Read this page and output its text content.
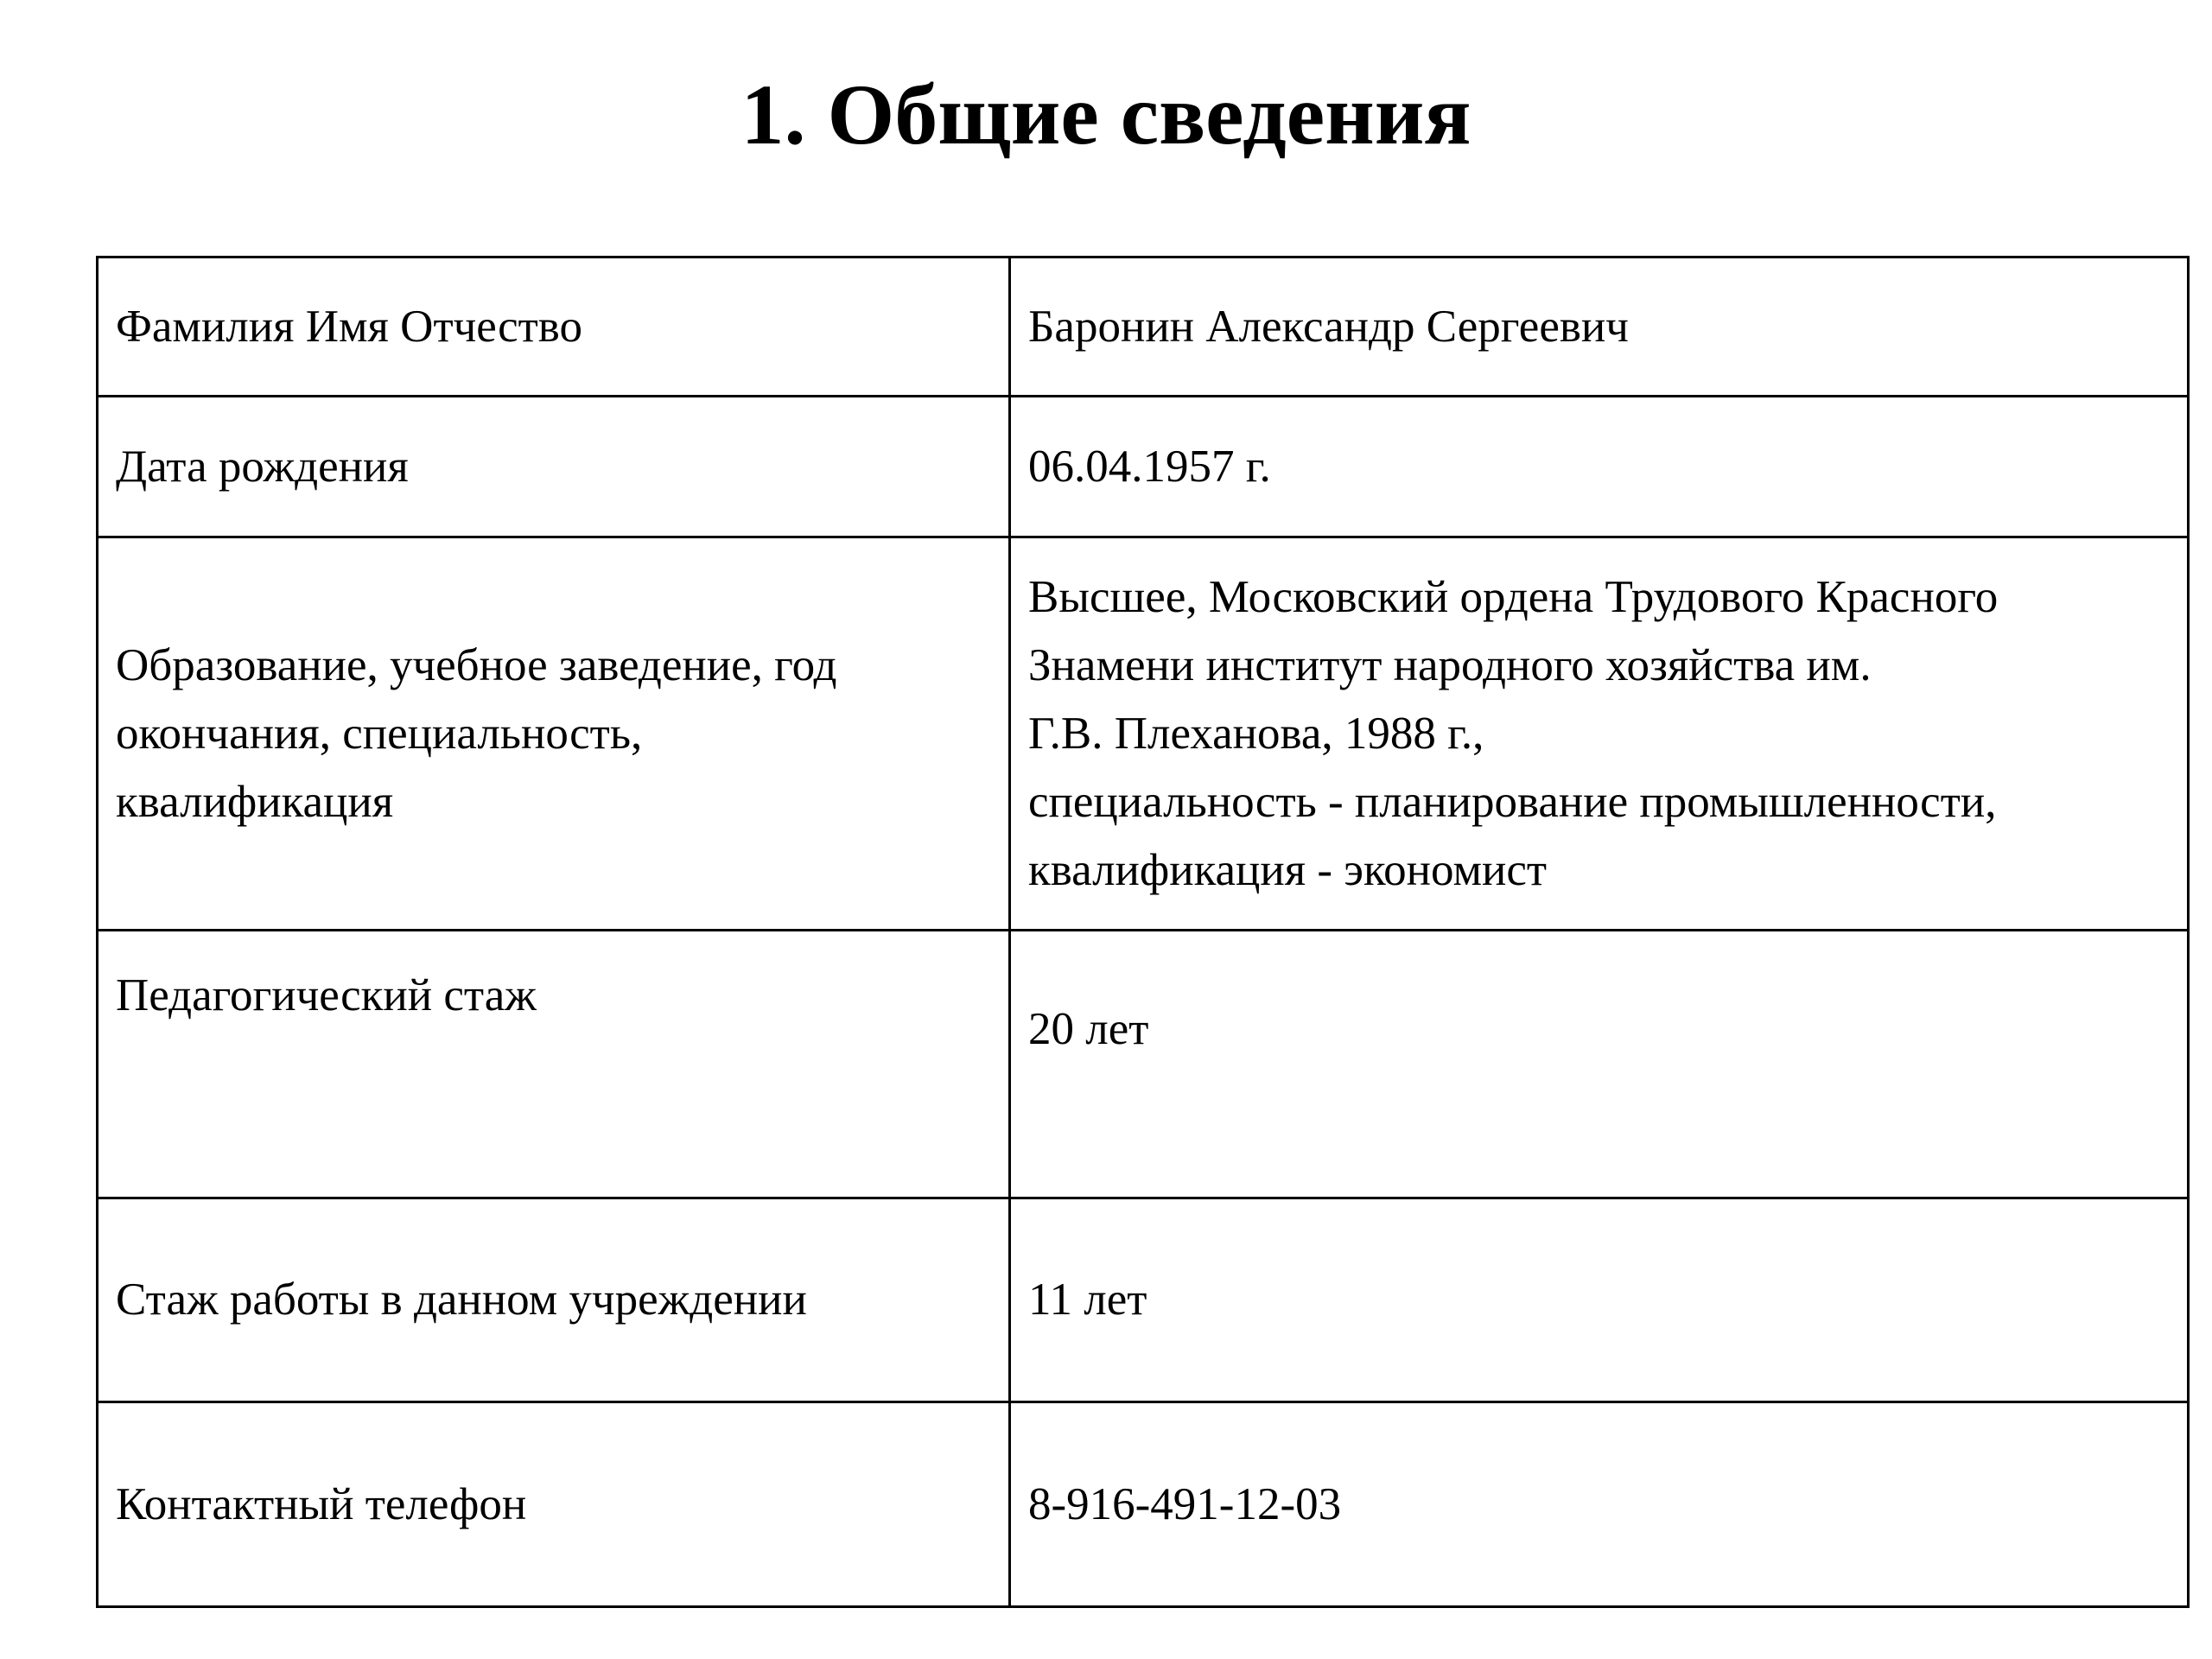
1. Общие сведения
Фамилия Имя Отчество	Баронин Александр Сергеевич
Дата рождения	06.04.1957 г.

Образование, учебное заведение, год
окончания, специальность,
квалификация	Высшее, Московский ордена Трудового Красного
Знамени институт народного хозяйства им.
Г.В. Плеханова, 1988 г.,
специальность - планирование промышленности,
квалификация - экономист

Педагогический стаж	20 лет
Стаж работы в данном учреждении	11 лет
Контактный телефон	8-916-491-12-03
